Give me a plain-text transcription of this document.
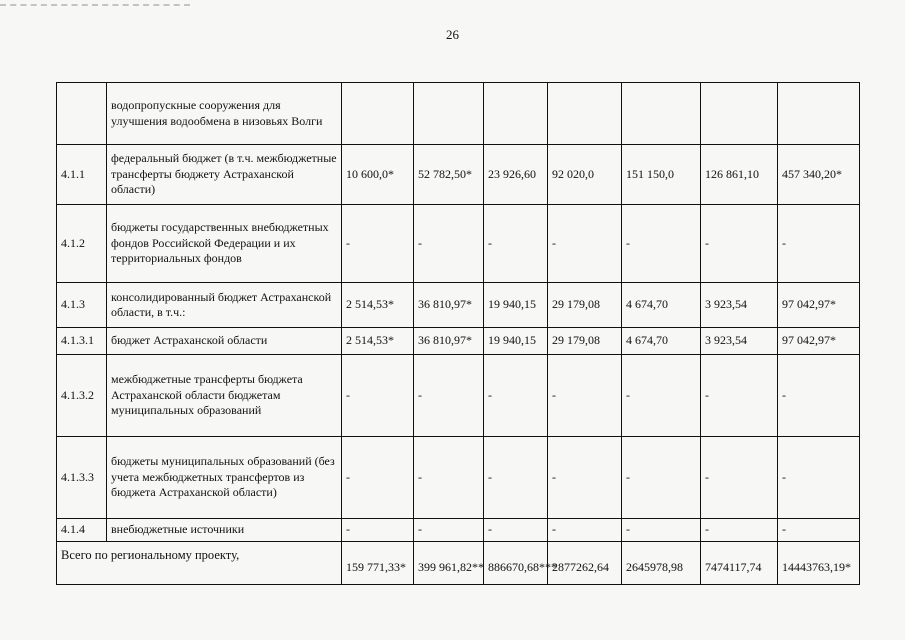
26
	водопропускные сооружения для улучшения водообмена в низовьях Волги							
4.1.1	федеральный бюджет (в т.ч. межбюджетные трансферты бюджету Астраханской области)	10 600,0*	52 782,50*	23 926,60	92 020,0	151 150,0	126 861,10	457 340,20*
4.1.2	бюджеты государственных внебюджетных фондов Российской Федерации и их территориальных фондов	-	-	-	-	-	-	-
4.1.3	консолидированный бюджет Астраханской области, в т.ч.:	2 514,53*	36 810,97*	19 940,15	29 179,08	4 674,70	3 923,54	97 042,97*
4.1.3.1	бюджет Астраханской области	2 514,53*	36 810,97*	19 940,15	29 179,08	4 674,70	3 923,54	97 042,97*
4.1.3.2	межбюджетные трансферты бюджета Астраханской области бюджетам муниципальных образований	-	-	-	-	-	-	-
4.1.3.3	бюджеты муниципальных образований (без учета межбюджетных трансфертов из бюджета Астраханской области)	-	-	-	-	-	-	-
4.1.4	внебюджетные источники	-	-	-	-	-	-	-
Всего по региональному проекту,		159 771,33*	399 961,82**	886670,68***	2877262,64	2645978,98	7474117,74	14443763,19*
